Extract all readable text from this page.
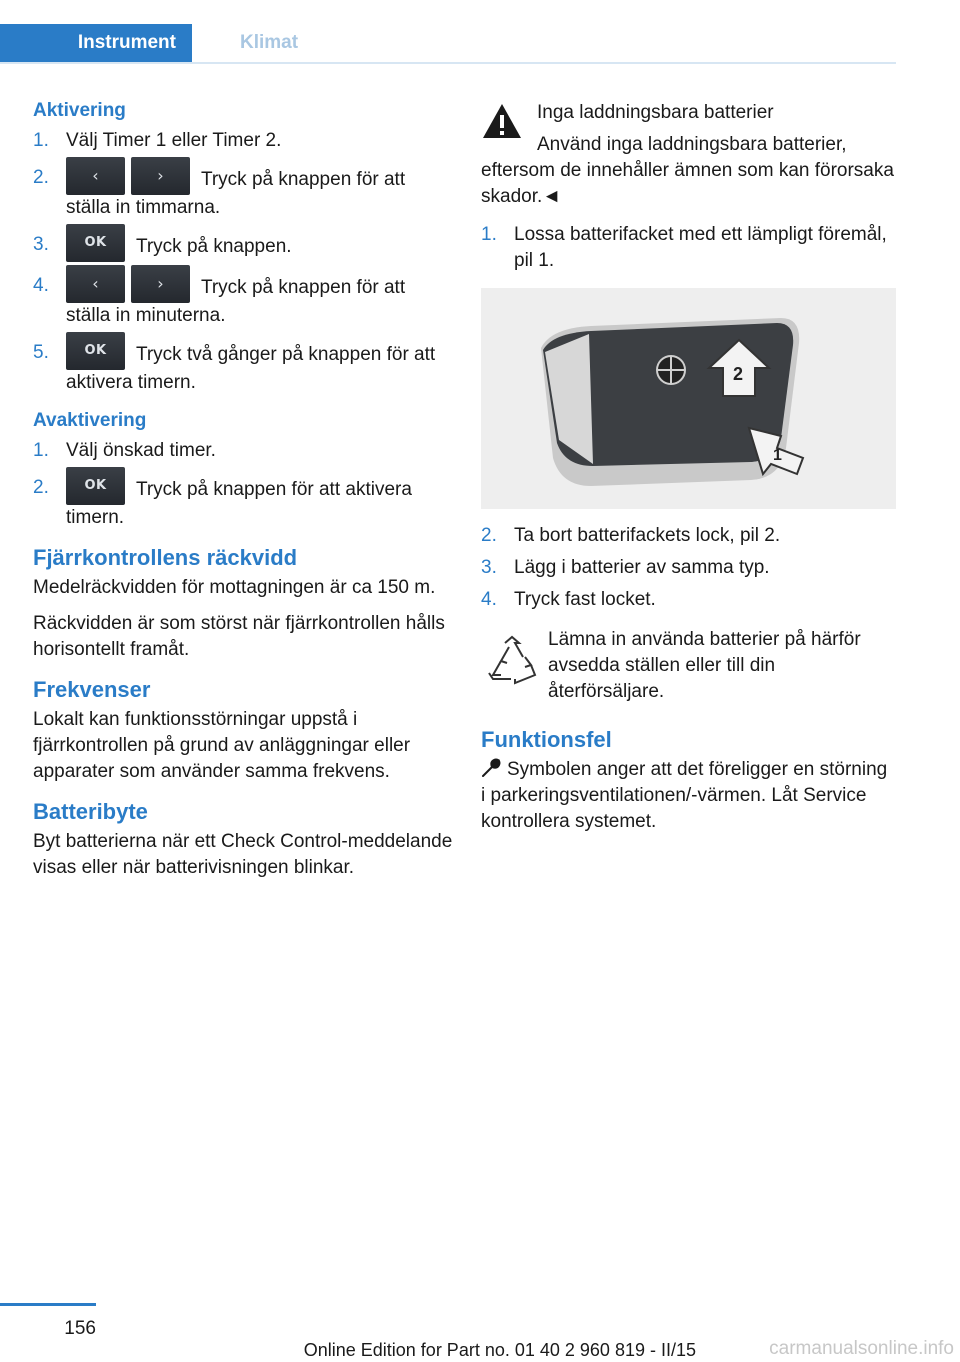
Instrument	Klimat
Aktivering
1. Välj Timer 1 eller Timer 2.
2.	‹	› Tryck på knappen för att ställa in timmarna.
3.	OK Tryck på knappen.
4.	‹	› Tryck på knappen för att ställa in minuterna.
5.	OK Tryck två gånger på knappen för att aktivera timern.
Avaktivering
1. Välj önskad timer.
2.	OK Tryck på knappen för att aktivera timern.
Fjärrkontrollens räckvidd

Medelräckvidden för mottagningen är ca 150 m.

Räckvidden är som störst när fjärrkontrollen hålls horisontellt framåt.

Frekvenser

Lokalt kan funktionsstörningar uppstå i fjärrkontrollen på grund av anläggningar eller apparater som använder samma frekvens.

Batteribyte

Byt batterierna när ett Check Control-meddelande visas eller när batterivisningen blinkar.

Inga laddningsbara batterier
Använd inga laddningsbara batterier, eftersom de innehåller ämnen som kan förorsaka skador.◄
1. Lossa batterifacket med ett lämpligt föremål, pil 1.
2
1
2. Ta bort batterifackets lock, pil 2.
3. Lägg i batterier av samma typ.
4. Tryck fast locket.
Lämna in använda batterier på härför avsedda ställen eller till din återförsäljare.
Funktionsfel

Symbolen anger att det föreligger en störning i parkeringsventilationen/-värmen. Låt Service kontrollera systemet.

156
Online Edition for Part no. 01 40 2 960 819 - II/15	carmanualsonline.info
